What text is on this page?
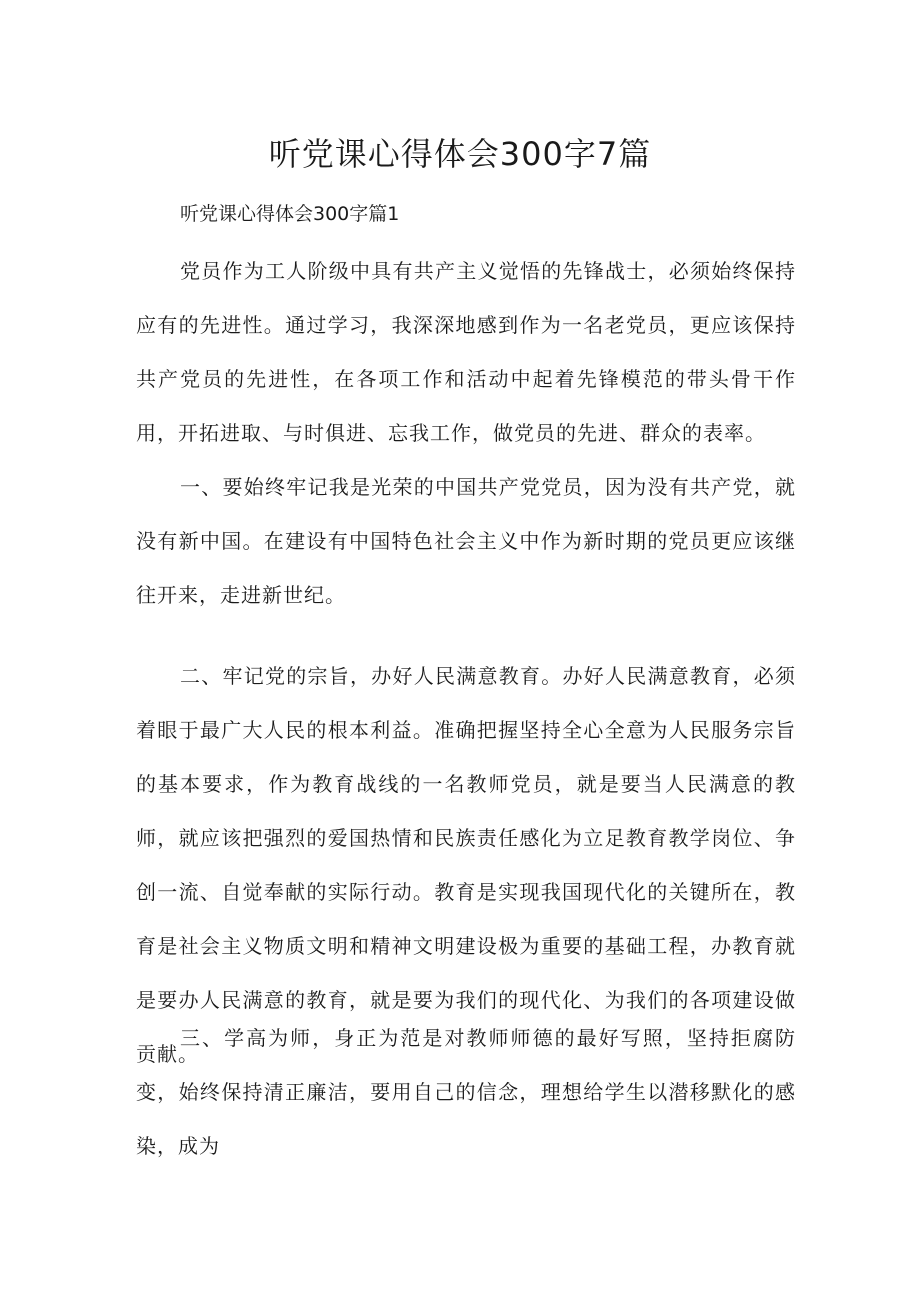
听党课心得体会300字7篇

听党课心得体会300字篇1

党员作为工人阶级中具有共产主义觉悟的先锋战士，必须始终保持应有的先进性。通过学习，我深深地感到作为一名老党员，更应该保持共产党员的先进性，在各项工作和活动中起着先锋模范的带头骨干作用，开拓进取、与时俱进、忘我工作，做党员的先进、群众的表率。

一、要始终牢记我是光荣的中国共产党党员，因为没有共产党，就没有新中国。在建设有中国特色社会主义中作为新时期的党员更应该继往开来，走进新世纪。

二、牢记党的宗旨，办好人民满意教育。办好人民满意教育，必须着眼于最广大人民的根本利益。准确把握坚持全心全意为人民服务宗旨的基本要求，作为教育战线的一名教师党员，就是要当人民满意的教师，就应该把强烈的爱国热情和民族责任感化为立足教育教学岗位、争创一流、自觉奉献的实际行动。教育是实现我国现代化的关键所在，教育是社会主义物质文明和精神文明建设极为重要的基础工程，办教育就是要办人民满意的教育，就是要为我们的现代化、为我们的各项建设做贡献。

三、学高为师，身正为范是对教师师德的最好写照，坚持拒腐防变，始终保持清正廉洁，要用自己的信念，理想给学生以潜移默化的感染，成为
